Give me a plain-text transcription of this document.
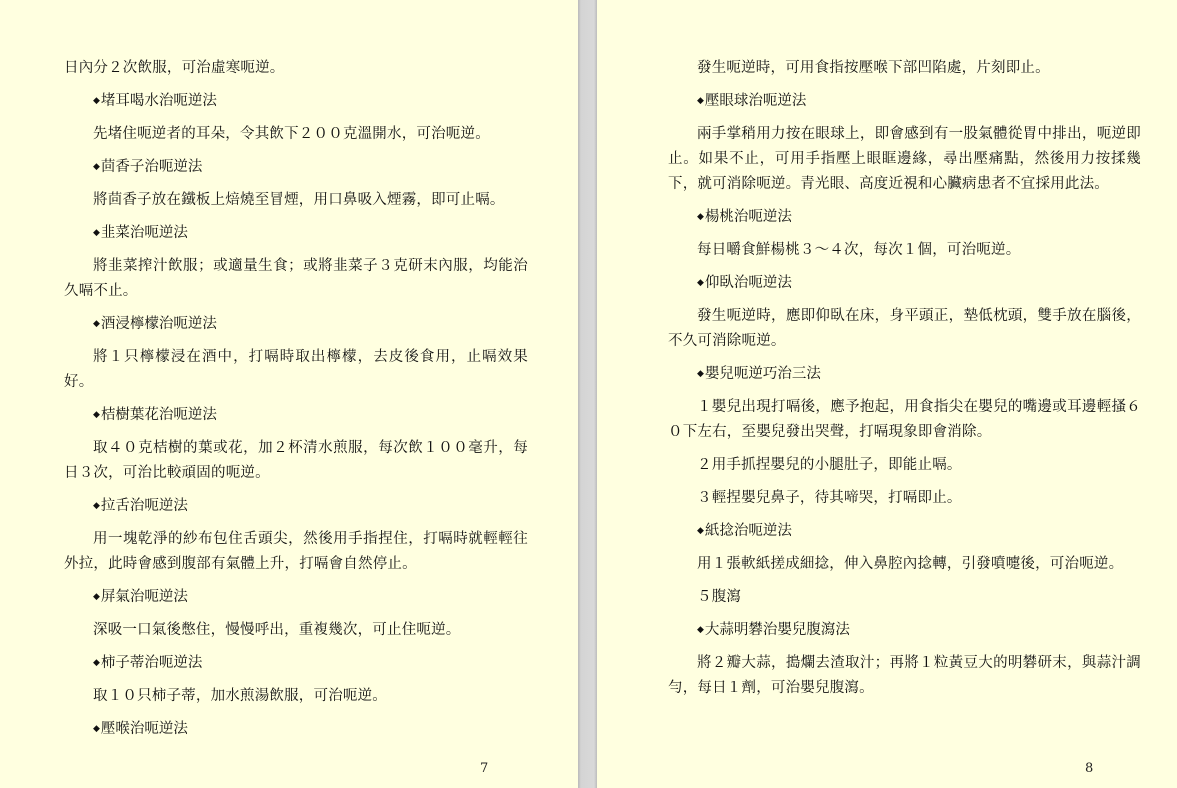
日內分２次飲服，可治虛寒呃逆。

◆堵耳喝水治呃逆法

先堵住呃逆者的耳朵，令其飲下２００克溫開水，可治呃逆。

◆茴香子治呃逆法

將茴香子放在鐵板上焙燒至冒煙，用口鼻吸入煙霧，即可止嗝。

◆韭菜治呃逆法

將韭菜搾汁飲服；或適量生食；或將韭菜子３克研末內服，均能治久嗝不止。

◆酒浸檸檬治呃逆法

將１只檸檬浸在酒中，打嗝時取出檸檬，去皮後食用，止嗝效果好。

◆桔樹葉花治呃逆法

取４０克桔樹的葉或花，加２杯清水煎服，每次飲１００毫升，每日３次，可治比較頑固的呃逆。

◆拉舌治呃逆法

用一塊乾淨的紗布包住舌頭尖，然後用手指捏住，打嗝時就輕輕往外拉，此時會感到腹部有氣體上升，打嗝會自然停止。

◆屏氣治呃逆法

深吸一口氣後憋住，慢慢呼出，重複幾次，可止住呃逆。

◆柿子蒂治呃逆法

取１０只柿子蒂，加水煎湯飲服，可治呃逆。

◆壓喉治呃逆法

7

發生呃逆時，可用食指按壓喉下部凹陷處，片刻即止。

◆壓眼球治呃逆法

兩手掌稍用力按在眼球上，即會感到有一股氣體從胃中排出，呃逆即止。如果不止，可用手指壓上眼眶邊緣，尋出壓痛點，然後用力按揉幾下，就可消除呃逆。青光眼、高度近視和心臟病患者不宜採用此法。

◆楊桃治呃逆法

每日嚼食鮮楊桃３～４次，每次１個，可治呃逆。

◆仰臥治呃逆法

發生呃逆時，應即仰臥在床，身平頭正，墊低枕頭，雙手放在腦後，不久可消除呃逆。

◆嬰兒呃逆巧治三法

１嬰兒出現打嗝後，應予抱起，用食指尖在嬰兒的嘴邊或耳邊輕搔６０下左右，至嬰兒發出哭聲，打嗝現象即會消除。

２用手抓捏嬰兒的小腿肚子，即能止嗝。

３輕捏嬰兒鼻子，待其啼哭，打嗝即止。

◆紙捻治呃逆法

用１張軟紙搓成細捻，伸入鼻腔內捻轉，引發噴嚏後，可治呃逆。

５腹瀉

◆大蒜明礬治嬰兒腹瀉法

將２瓣大蒜，搗爛去渣取汁；再將１粒黃豆大的明礬研末，與蒜汁調勻，每日１劑，可治嬰兒腹瀉。

8
